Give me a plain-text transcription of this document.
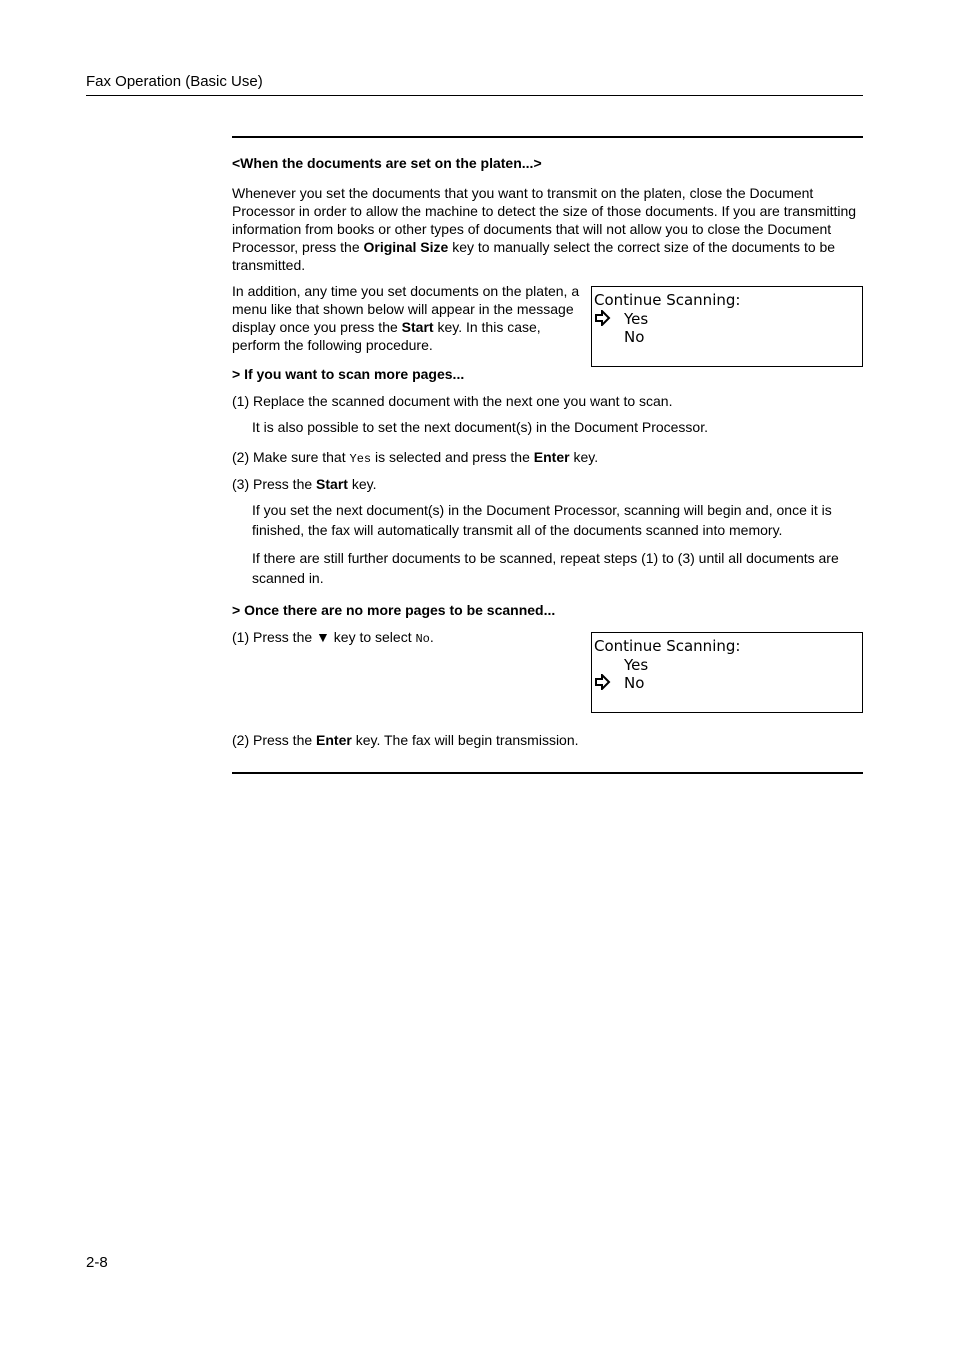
Fax Operation (Basic Use)
<When the documents are set on the platen...>
Whenever you set the documents that you want to transmit on the platen, close the Document Processor in order to allow the machine to detect the size of those documents. If you are transmitting information from books or other types of documents that will not allow you to close the Document Processor, press the Original Size key to manually select the correct size of the documents to be transmitted.
In addition, any time you set documents on the platen, a menu like that shown below will appear in the message display once you press the Start key. In this case, perform the following procedure.
Continue Scanning:
Yes
No
> If you want to scan more pages...
(1) Replace the scanned document with the next one you want to scan.
It is also possible to set the next document(s) in the Document Processor.
(2) Make sure that Yes is selected and press the Enter key.
(3) Press the Start key.
If you set the next document(s) in the Document Processor, scanning will begin and, once it is finished, the fax will automatically transmit all of the documents scanned into memory.
If there are still further documents to be scanned, repeat steps (1) to (3) until all documents are scanned in.
> Once there are no more pages to be scanned...
(1) Press the ▼ key to select No.	Continue Scanning:
Yes
No
(2) Press the Enter key. The fax will begin transmission.
2-8
